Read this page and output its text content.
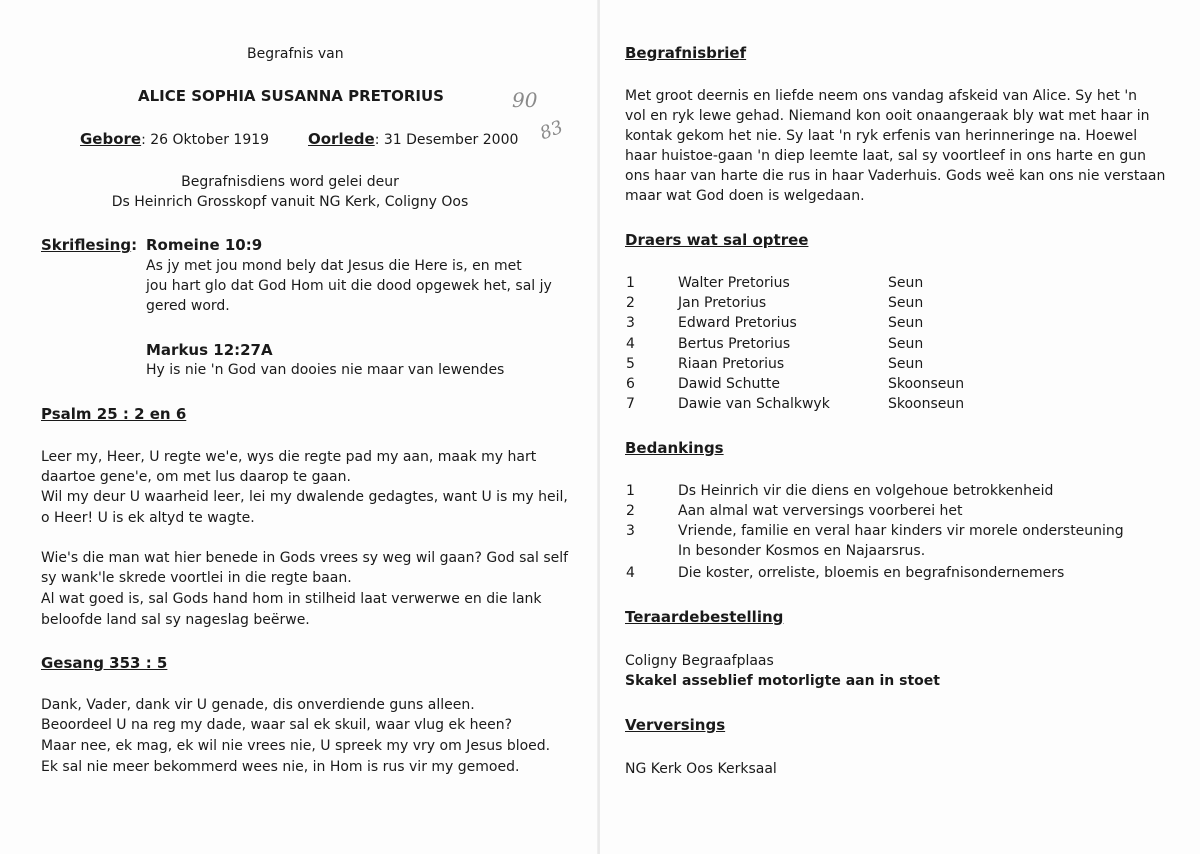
Begrafnis van
ALICE SOPHIA SUSANNA PRETORIUS	90
83
Gebore: 26 Oktober 1919	Oorlede: 31 Desember 2000
Begrafnisdiens word gelei deur
Ds Heinrich Grosskopf vanuit NG Kerk, Coligny Oos
Skriflesing: Romeine 10:9
As jy met jou mond bely dat Jesus die Here is, en met
jou hart glo dat God Hom uit die dood opgewek het, sal jy
gered word.
Markus 12:27A
Hy is nie 'n God van dooies nie maar van lewendes
Psalm 25 : 2 en 6
Leer my, Heer, U regte we'e, wys die regte pad my aan, maak my hart
daartoe gene'e, om met lus daarop te gaan.
Wil my deur U waarheid leer, lei my dwalende gedagtes, want U is my heil,
o Heer! U is ek altyd te wagte.
Wie's die man wat hier benede in Gods vrees sy weg wil gaan? God sal self
sy wank'le skrede voortlei in die regte baan.
Al wat goed is, sal Gods hand hom in stilheid laat verwerwe en die lank
beloofde land sal sy nageslag beërwe.
Gesang 353 : 5
Dank, Vader, dank vir U genade, dis onverdiende guns alleen.
Beoordeel U na reg my dade, waar sal ek skuil, waar vlug ek heen?
Maar nee, ek mag, ek wil nie vrees nie, U spreek my vry om Jesus bloed.
Ek sal nie meer bekommerd wees nie, in Hom is rus vir my gemoed.
Begrafnisbrief
Met groot deernis en liefde neem ons vandag afskeid van Alice. Sy het 'n
vol en ryk lewe gehad. Niemand kon ooit onaangeraak bly wat met haar in
kontak gekom het nie. Sy laat 'n ryk erfenis van herinneringe na. Hoewel
haar huistoe-gaan 'n diep leemte laat, sal sy voortleef in ons harte en gun
ons haar van harte die rus in haar Vaderhuis. Gods weë kan ons nie verstaan
maar wat God doen is welgedaan.
Draers wat sal optree
1	Walter Pretorius	Seun
2	Jan Pretorius	Seun
3	Edward Pretorius	Seun
4	Bertus Pretorius	Seun
5	Riaan Pretorius	Seun
6	Dawid Schutte	Skoonseun
7	Dawie van Schalkwyk	Skoonseun
Bedankings
1	Ds Heinrich vir die diens en volgehoue betrokkenheid
2	Aan almal wat verversings voorberei het
3	Vriende, familie en veral haar kinders vir morele ondersteuning
In besonder Kosmos en Najaarsrus.
4	Die koster, orreliste, bloemis en begrafnisondernemers
Teraardebestelling
Coligny Begraafplaas
Skakel asseblief motorligte aan in stoet
Verversings
NG Kerk Oos Kerksaal
